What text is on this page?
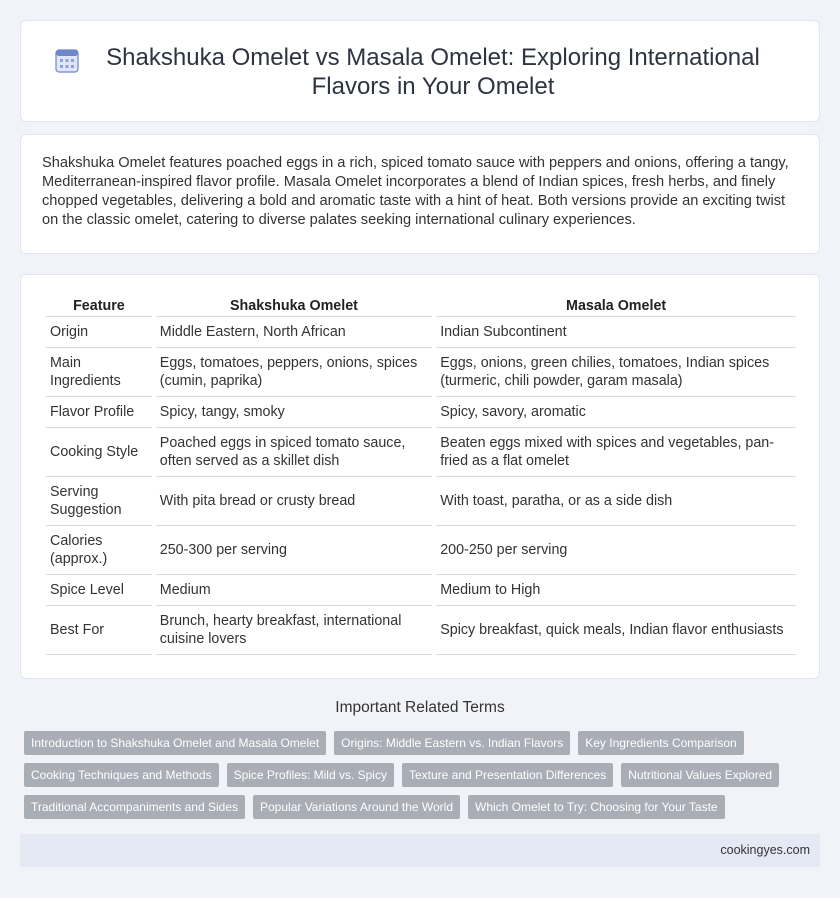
Shakshuka Omelet vs Masala Omelet: Exploring International Flavors in Your Omelet

Shakshuka Omelet features poached eggs in a rich, spiced tomato sauce with peppers and onions, offering a tangy, Mediterranean-inspired flavor profile. Masala Omelet incorporates a blend of Indian spices, fresh herbs, and finely chopped vegetables, delivering a bold and aromatic taste with a hint of heat. Both versions provide an exciting twist on the classic omelet, catering to diverse palates seeking international culinary experiences.

Feature	Shakshuka Omelet	Masala Omelet
Origin	Middle Eastern, North African	Indian Subcontinent
Main Ingredients	Eggs, tomatoes, peppers, onions, spices (cumin, paprika)	Eggs, onions, green chilies, tomatoes, Indian spices (turmeric, chili powder, garam masala)
Flavor Profile	Spicy, tangy, smoky	Spicy, savory, aromatic
Cooking Style	Poached eggs in spiced tomato sauce, often served as a skillet dish	Beaten eggs mixed with spices and vegetables, pan-fried as a flat omelet
Serving Suggestion	With pita bread or crusty bread	With toast, paratha, or as a side dish
Calories (approx.)	250-300 per serving	200-250 per serving
Spice Level	Medium	Medium to High
Best For	Brunch, hearty breakfast, international cuisine lovers	Spicy breakfast, quick meals, Indian flavor enthusiasts
Important Related Terms
Introduction to Shakshuka Omelet and Masala Omelet	Origins: Middle Eastern vs. Indian Flavors	Key Ingredients Comparison
Cooking Techniques and Methods	Spice Profiles: Mild vs. Spicy	Texture and Presentation Differences	Nutritional Values Explored
Traditional Accompaniments and Sides	Popular Variations Around the World	Which Omelet to Try: Choosing for Your Taste
cookingyes.com
